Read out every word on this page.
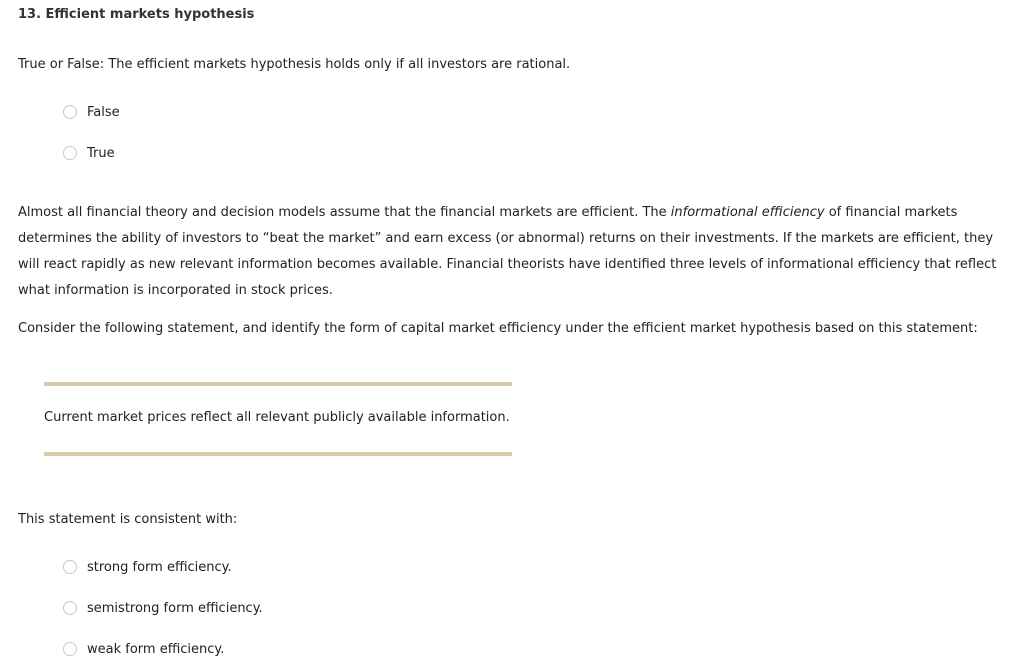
13. Efficient markets hypothesis
True or False: The efficient markets hypothesis holds only if all investors are rational.
False
True
Almost all financial theory and decision models assume that the financial markets are efficient. The informational efficiency of financial markets
determines the ability of investors to “beat the market” and earn excess (or abnormal) returns on their investments. If the markets are efficient, they
will react rapidly as new relevant information becomes available. Financial theorists have identified three levels of informational efficiency that reflect
what information is incorporated in stock prices.
Consider the following statement, and identify the form of capital market efficiency under the efficient market hypothesis based on this statement:
Current market prices reflect all relevant publicly available information.
This statement is consistent with:
strong form efficiency.
semistrong form efficiency.
weak form efficiency.
